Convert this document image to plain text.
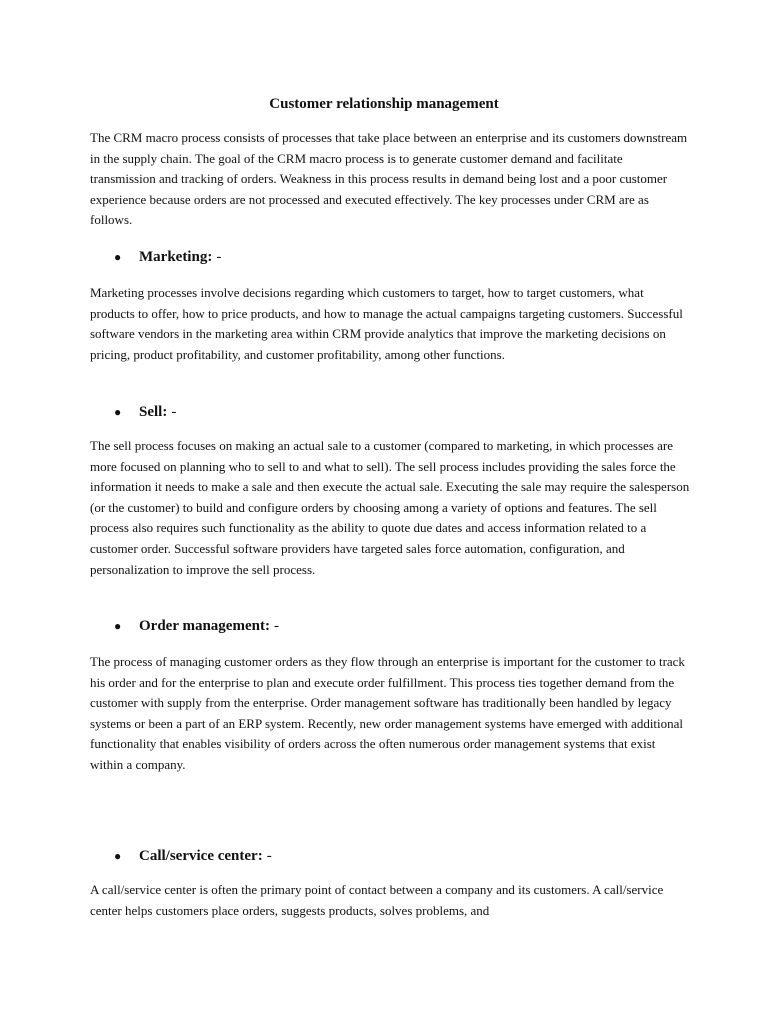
Customer relationship management

The CRM macro process consists of processes that take place between an enterprise and its customers downstream in the supply chain. The goal of the CRM macro process is to generate customer demand and facilitate transmission and tracking of orders. Weakness in this process results in demand being lost and a poor customer experience because orders are not processed and executed effectively. The key processes under CRM are as follows.

●	Marketing: -

Marketing processes involve decisions regarding which customers to target, how to target customers, what products to offer, how to price products, and how to manage the actual campaigns targeting customers. Successful software vendors in the marketing area within CRM provide analytics that improve the marketing decisions on pricing, product profitability, and customer profitability, among other functions.

●	Sell: -

The sell process focuses on making an actual sale to a customer (compared to marketing, in which processes are more focused on planning who to sell to and what to sell). The sell process includes providing the sales force the information it needs to make a sale and then execute the actual sale. Executing the sale may require the salesperson (or the customer) to build and configure orders by choosing among a variety of options and features. The sell process also requires such functionality as the ability to quote due dates and access information related to a customer order. Successful software providers have targeted sales force automation, configuration, and personalization to improve the sell process.

●	Order management: -

The process of managing customer orders as they flow through an enterprise is important for the customer to track his order and for the enterprise to plan and execute order fulfillment. This process ties together demand from the customer with supply from the enterprise. Order management software has traditionally been handled by legacy systems or been a part of an ERP system. Recently, new order management systems have emerged with additional functionality that enables visibility of orders across the often numerous order management systems that exist within a company.

●	Call/service center: -

A call/service center is often the primary point of contact between a company and its customers. A call/service center helps customers place orders, suggests products, solves problems, and
